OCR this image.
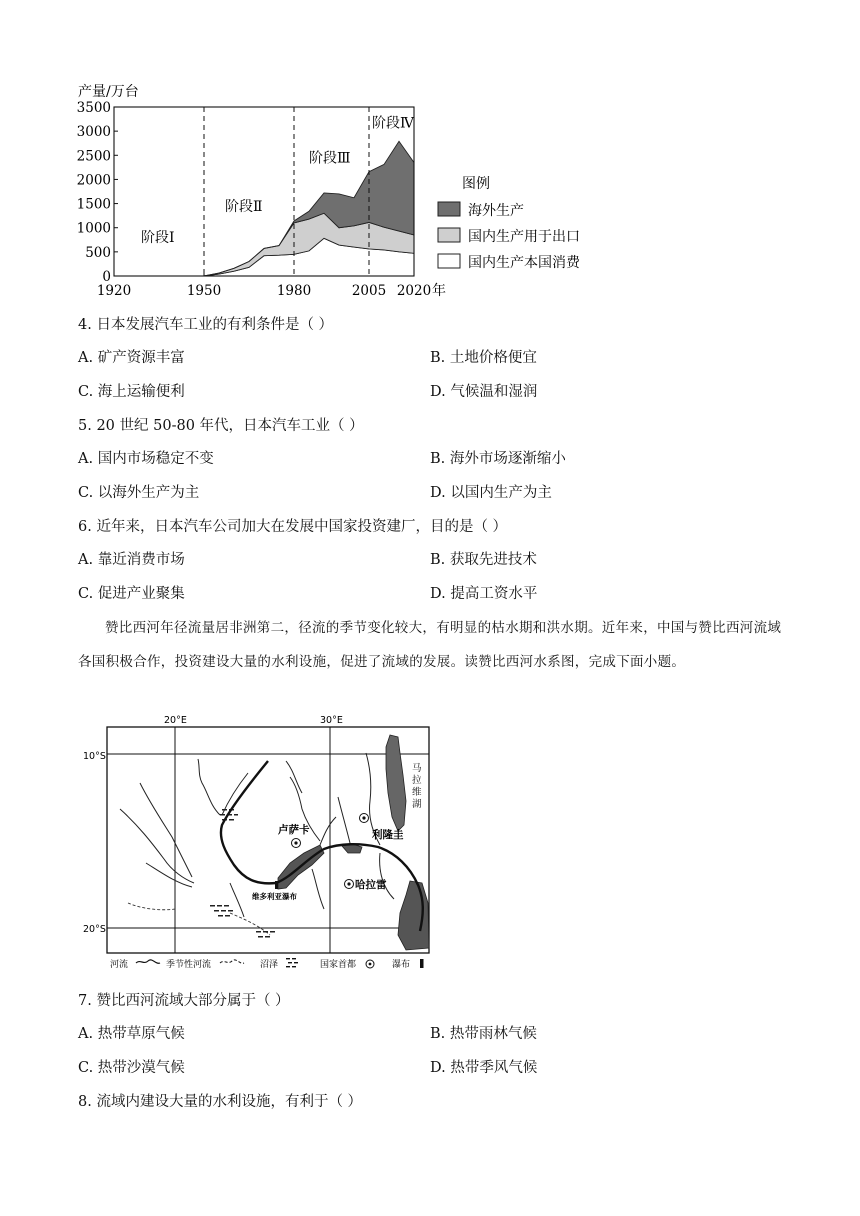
产量/万台
0
500
1000
1500
2000
2500
3000
3500
1920	1950	1980	2005 2020
阶段Ⅰ
阶段Ⅱ
阶段Ⅲ
阶段Ⅳ
年
图例
海外生产
国内生产用于出口
国内生产本国消费
4. 日本发展汽车工业的有利条件是（ ）
A. 矿产资源丰富	B. 土地价格便宜
C. 海上运输便利	D. 气候温和湿润
5. 20 世纪 50-80 年代，日本汽车工业（ ）
A. 国内市场稳定不变	B. 海外市场逐渐缩小
C. 以海外生产为主	D. 以国内生产为主
6. 近年来，日本汽车公司加大在发展中国家投资建厂，目的是（ ）
A. 靠近消费市场	B. 获取先进技术
C. 促进产业聚集	D. 提高工资水平
赞比西河年径流量居非洲第二，径流的季节变化较大，有明显的枯水期和洪水期。近年来，中国与赞比西河流域各国积极合作，投资建设大量的水利设施，促进了流域的发展。读赞比西河水系图，完成下面小题。
20°E	30°E
10°S
20°S
马拉维湖
卢萨卡	利隆圭
哈拉雷
维多利亚瀑布
河流	季节性河流	沼泽	国家首都	瀑布
7. 赞比西河流域大部分属于（ ）
A. 热带草原气候	B. 热带雨林气候
C. 热带沙漠气候	D. 热带季风气候
8. 流域内建设大量的水利设施，有利于（ ）
